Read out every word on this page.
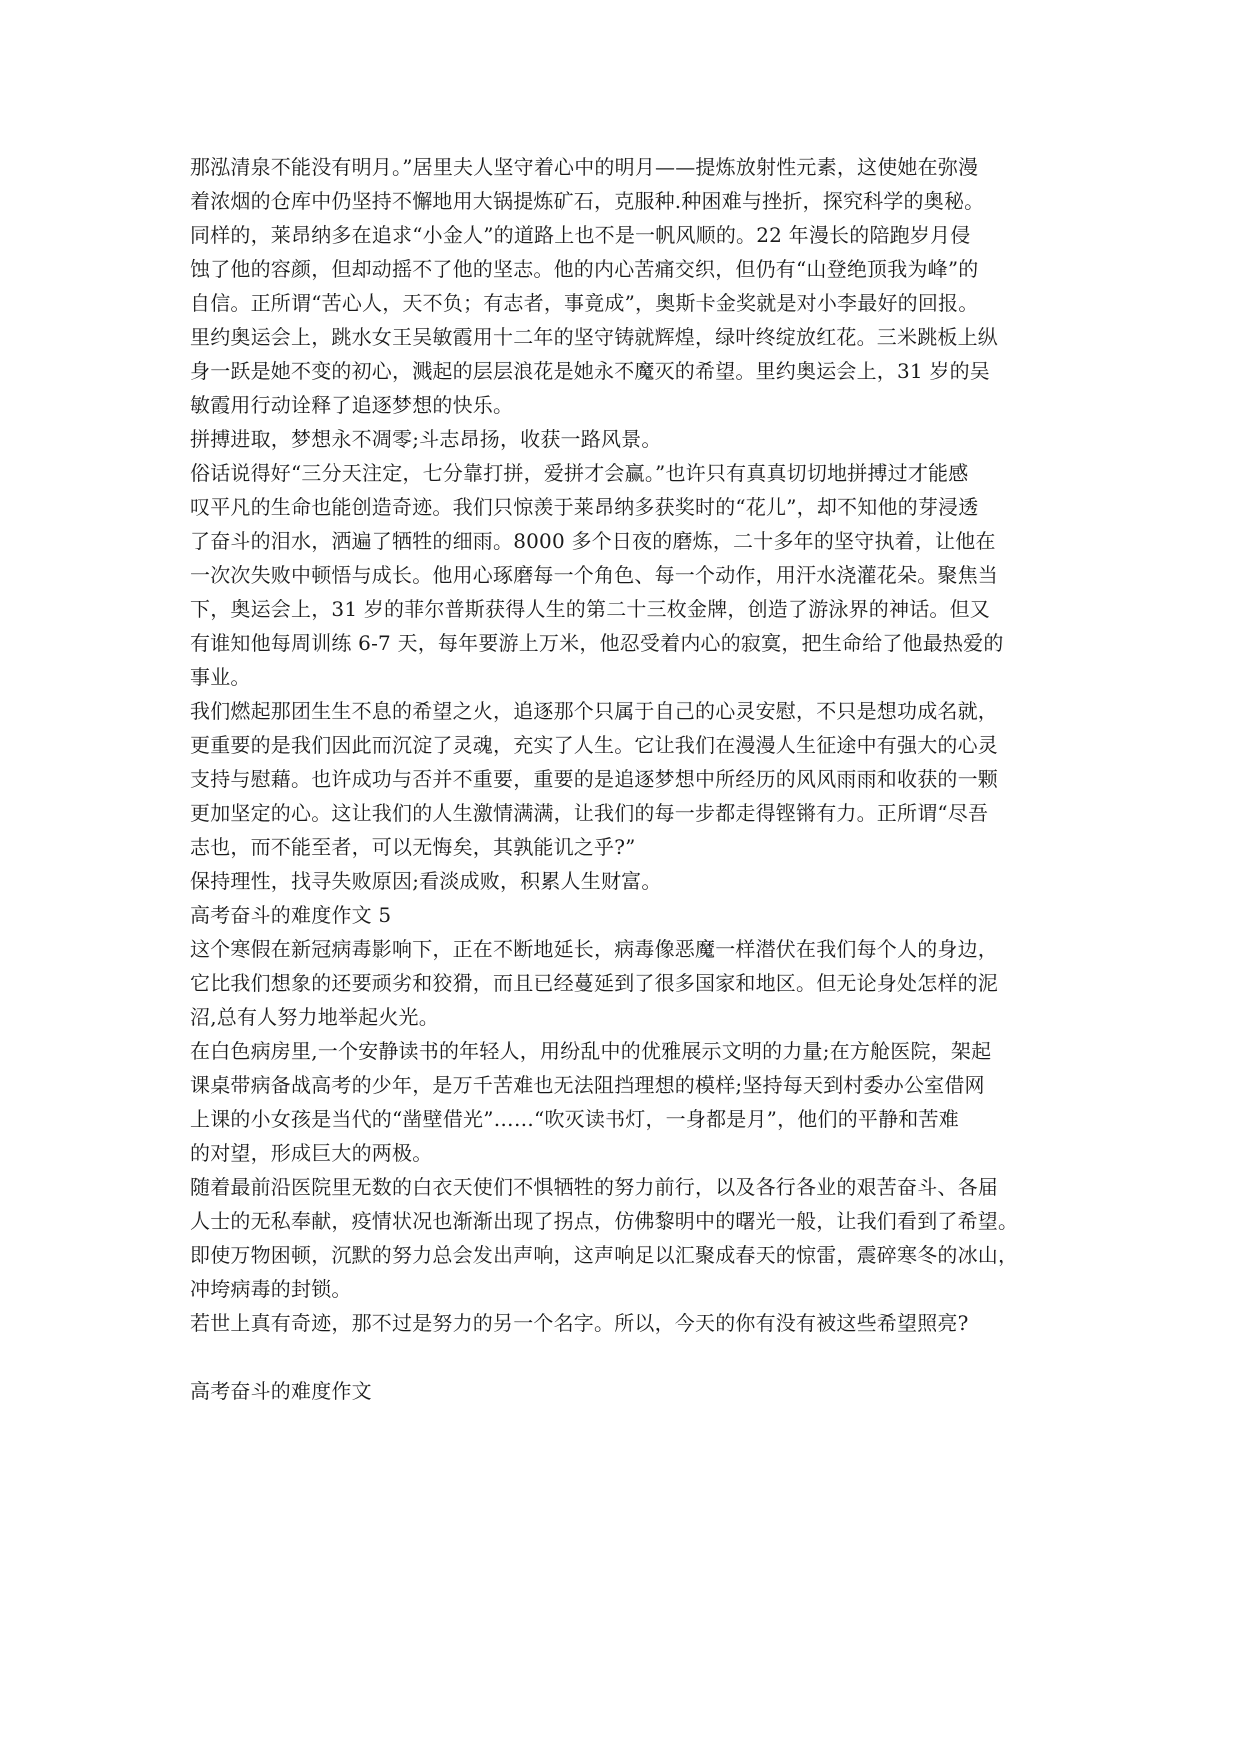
那泓清泉不能没有明月。”居里夫人坚守着心中的明月——提炼放射性元素，这使她在弥漫
着浓烟的仓库中仍坚持不懈地用大锅提炼矿石，克服种.种困难与挫折，探究科学的奥秘。
同样的，莱昂纳多在追求“小金人”的道路上也不是一帆风顺的。22 年漫长的陪跑岁月侵
蚀了他的容颜，但却动摇不了他的坚志。他的内心苦痛交织，但仍有“山登绝顶我为峰”的
自信。正所谓“苦心人，天不负；有志者，事竟成”，奥斯卡金奖就是对小李最好的回报。
里约奥运会上，跳水女王吴敏霞用十二年的坚守铸就辉煌，绿叶终绽放红花。三米跳板上纵
身一跃是她不变的初心，溅起的层层浪花是她永不魔灭的希望。里约奥运会上，31 岁的吴
敏霞用行动诠释了追逐梦想的快乐。
拼搏进取，梦想永不凋零;斗志昂扬，收获一路风景。
俗话说得好“三分天注定，七分靠打拼，爱拼才会赢。”也许只有真真切切地拼搏过才能感
叹平凡的生命也能创造奇迹。我们只惊羡于莱昂纳多获奖时的“花儿”，却不知他的芽浸透
了奋斗的泪水，洒遍了牺牲的细雨。8000 多个日夜的磨炼，二十多年的坚守执着，让他在
一次次失败中顿悟与成长。他用心琢磨每一个角色、每一个动作，用汗水浇灌花朵。聚焦当
下，奥运会上，31 岁的菲尔普斯获得人生的第二十三枚金牌，创造了游泳界的神话。但又
有谁知他每周训练 6-7 天，每年要游上万米，他忍受着内心的寂寞，把生命给了他最热爱的
事业。
我们燃起那团生生不息的希望之火，追逐那个只属于自己的心灵安慰，不只是想功成名就，
更重要的是我们因此而沉淀了灵魂，充实了人生。它让我们在漫漫人生征途中有强大的心灵
支持与慰藉。也许成功与否并不重要，重要的是追逐梦想中所经历的风风雨雨和收获的一颗
更加坚定的心。这让我们的人生激情满满，让我们的每一步都走得铿锵有力。正所谓“尽吾
志也，而不能至者，可以无悔矣，其孰能讥之乎?”
保持理性，找寻失败原因;看淡成败，积累人生财富。
高考奋斗的难度作文 5
这个寒假在新冠病毒影响下，正在不断地延长，病毒像恶魔一样潜伏在我们每个人的身边，
它比我们想象的还要顽劣和狡猾，而且已经蔓延到了很多国家和地区。但无论身处怎样的泥
沼,总有人努力地举起火光。
在白色病房里,一个安静读书的年轻人，用纷乱中的优雅展示文明的力量;在方舱医院，架起
课桌带病备战高考的少年，是万千苦难也无法阻挡理想的模样;坚持每天到村委办公室借网
上课的小女孩是当代的“凿壁借光”……“吹灭读书灯，一身都是月”，他们的平静和苦难
的对望，形成巨大的两极。
随着最前沿医院里无数的白衣天使们不惧牺牲的努力前行，以及各行各业的艰苦奋斗、各届
人士的无私奉献，疫情状况也渐渐出现了拐点，仿佛黎明中的曙光一般，让我们看到了希望。
即使万物困顿，沉默的努力总会发出声响，这声响足以汇聚成春天的惊雷，震碎寒冬的冰山，
冲垮病毒的封锁。
若世上真有奇迹，那不过是努力的另一个名字。所以，今天的你有没有被这些希望照亮?
高考奋斗的难度作文
